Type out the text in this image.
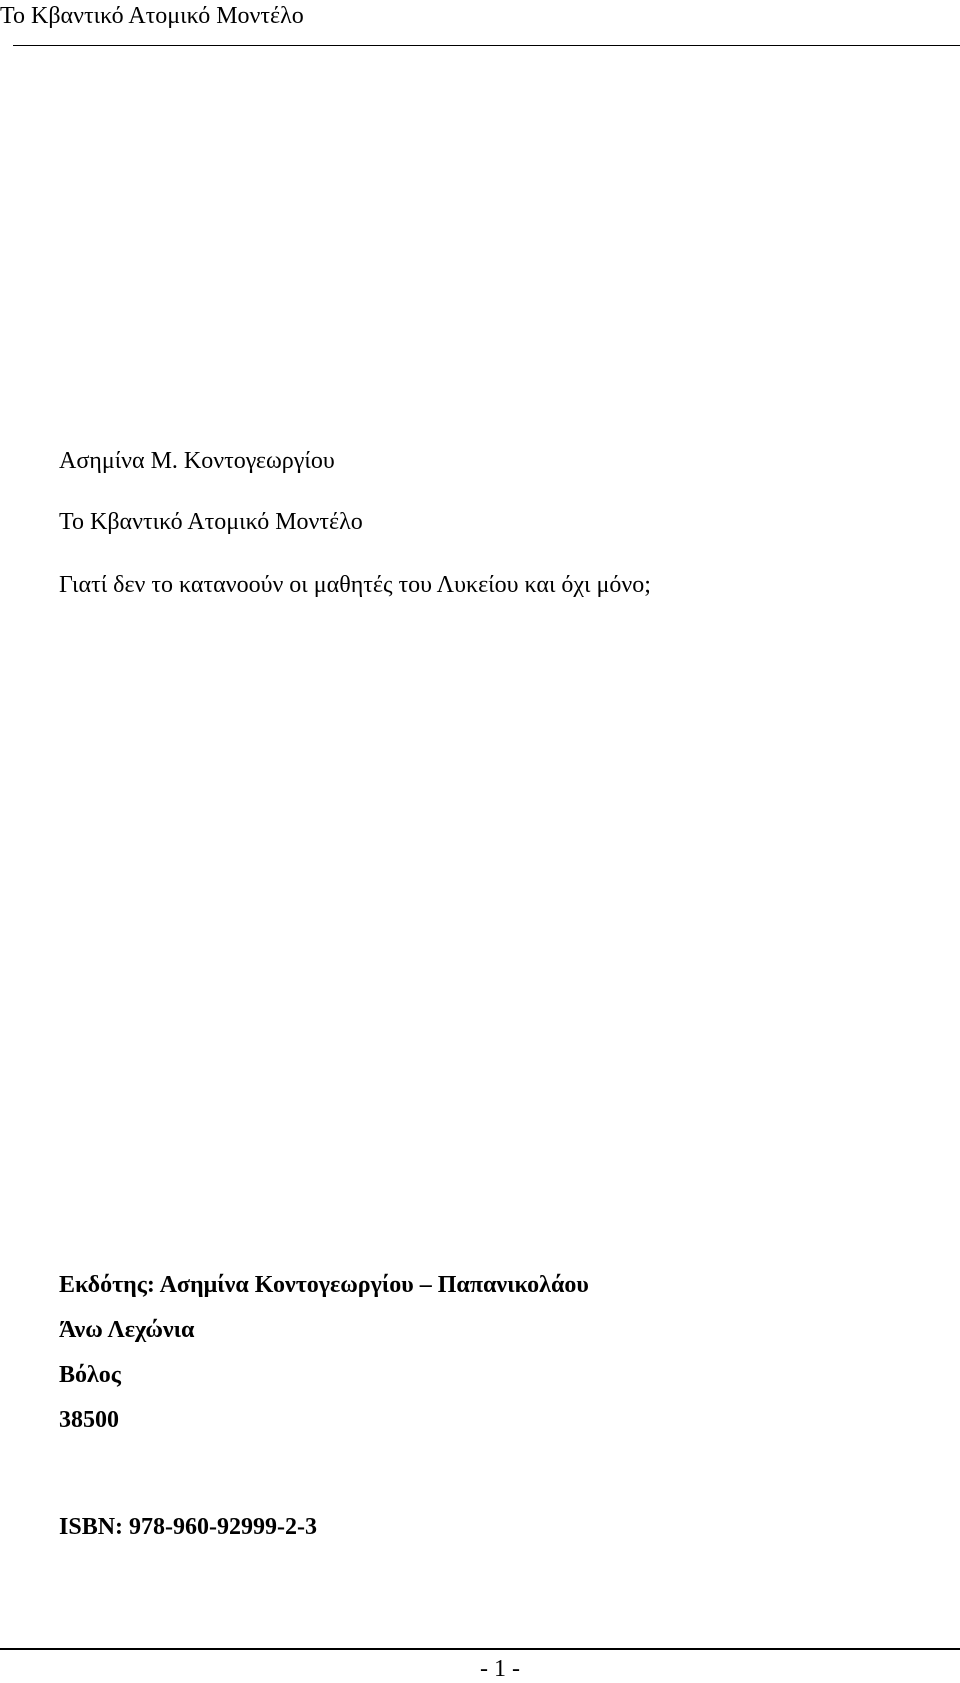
Το Κβαντικό Ατομικό Μοντέλο
Ασημίνα Μ. Κοντογεωργίου
Το Κβαντικό Ατομικό Μοντέλο
Γιατί δεν το κατανοούν οι μαθητές του Λυκείου και όχι μόνο;
Εκδότης: Ασημίνα Κοντογεωργίου – Παπανικολάου
Άνω Λεχώνια
Βόλος
38500
ISBN: 978-960-92999-2-3
- 1 -
